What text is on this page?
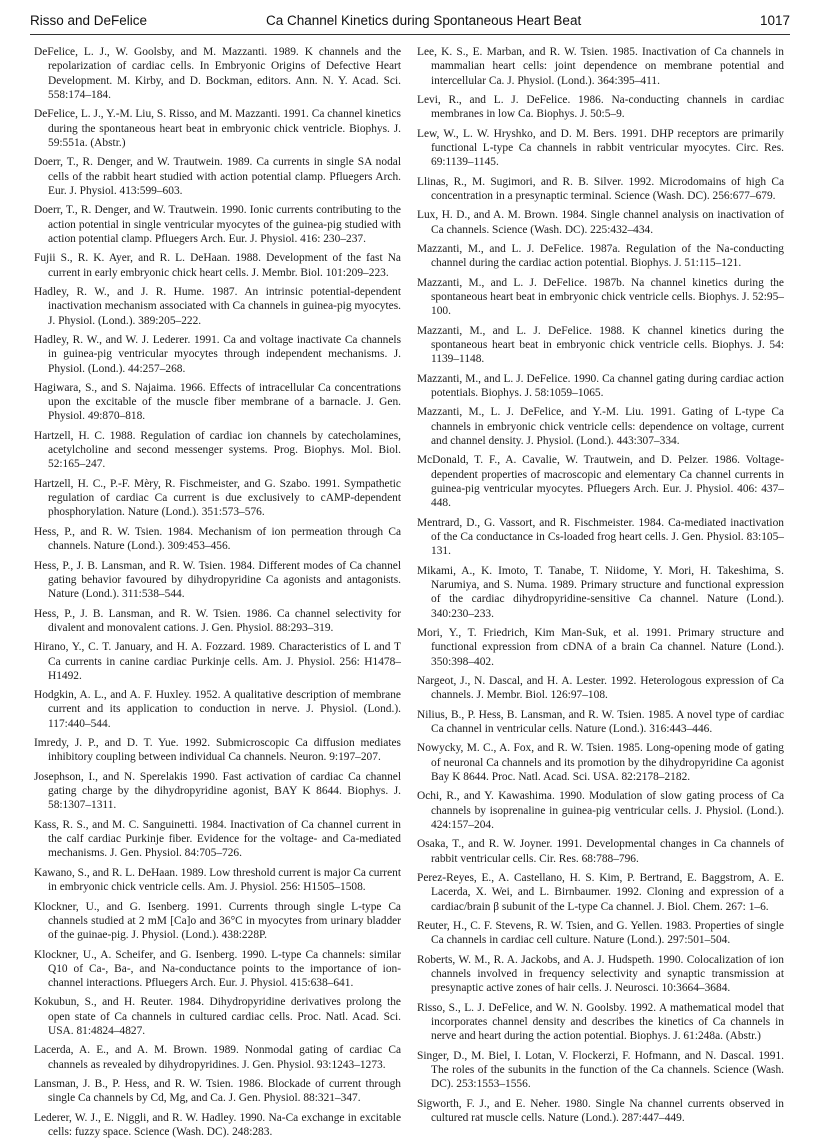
Risso and DeFelice	Ca Channel Kinetics during Spontaneous Heart Beat	1017

DeFelice, L. J., W. Goolsby, and M. Mazzanti. 1989. K channels and the repolarization of cardiac cells. In Embryonic Origins of Defective Heart Development. M. Kirby, and D. Bockman, editors. Ann. N. Y. Acad. Sci. 558:174–184.

DeFelice, L. J., Y.-M. Liu, S. Risso, and M. Mazzanti. 1991. Ca channel kinetics during the spontaneous heart beat in embryonic chick ventricle. Biophys. J. 59:551a. (Abstr.)

Doerr, T., R. Denger, and W. Trautwein. 1989. Ca currents in single SA nodal cells of the rabbit heart studied with action potential clamp. Pfluegers Arch. Eur. J. Physiol. 413:599–603.

Doerr, T., R. Denger, and W. Trautwein. 1990. Ionic currents contributing to the action potential in single ventricular myocytes of the guinea-pig studied with action potential clamp. Pfluegers Arch. Eur. J. Physiol. 416: 230–237.

Fujii S., R. K. Ayer, and R. L. DeHaan. 1988. Development of the fast Na current in early embryonic chick heart cells. J. Membr. Biol. 101:209–223.

Hadley, R. W., and J. R. Hume. 1987. An intrinsic potential-dependent inactivation mechanism associated with Ca channels in guinea-pig myocytes. J. Physiol. (Lond.). 389:205–222.

Hadley, R. W., and W. J. Lederer. 1991. Ca and voltage inactivate Ca channels in guinea-pig ventricular myocytes through independent mechanisms. J. Physiol. (Lond.). 44:257–268.

Hagiwara, S., and S. Najaima. 1966. Effects of intracellular Ca concentrations upon the excitable of the muscle fiber membrane of a barnacle. J. Gen. Physiol. 49:870–818.

Hartzell, H. C. 1988. Regulation of cardiac ion channels by catecholamines, acetylcholine and second messenger systems. Prog. Biophys. Mol. Biol. 52:165–247.

Hartzell, H. C., P.-F. Mèry, R. Fischmeister, and G. Szabo. 1991. Sympathetic regulation of cardiac Ca current is due exclusively to cAMP-dependent phosphorylation. Nature (Lond.). 351:573–576.

Hess, P., and R. W. Tsien. 1984. Mechanism of ion permeation through Ca channels. Nature (Lond.). 309:453–456.

Hess, P., J. B. Lansman, and R. W. Tsien. 1984. Different modes of Ca channel gating behavior favoured by dihydropyridine Ca agonists and antagonists. Nature (Lond.). 311:538–544.

Hess, P., J. B. Lansman, and R. W. Tsien. 1986. Ca channel selectivity for divalent and monovalent cations. J. Gen. Physiol. 88:293–319.

Hirano, Y., C. T. January, and H. A. Fozzard. 1989. Characteristics of L and T Ca currents in canine cardiac Purkinje cells. Am. J. Physiol. 256: H1478–H1492.

Hodgkin, A. L., and A. F. Huxley. 1952. A qualitative description of membrane current and its application to conduction in nerve. J. Physiol. (Lond.). 117:440–544.

Imredy, J. P., and D. T. Yue. 1992. Submicroscopic Ca diffusion mediates inhibitory coupling between individual Ca channels. Neuron. 9:197–207.

Josephson, I., and N. Sperelakis 1990. Fast activation of cardiac Ca channel gating charge by the dihydropyridine agonist, BAY K 8644. Biophys. J. 58:1307–1311.

Kass, R. S., and M. C. Sanguinetti. 1984. Inactivation of Ca channel current in the calf cardiac Purkinje fiber. Evidence for the voltage- and Ca-mediated mechanisms. J. Gen. Physiol. 84:705–726.

Kawano, S., and R. L. DeHaan. 1989. Low threshold current is major Ca current in embryonic chick ventricle cells. Am. J. Physiol. 256: H1505–1508.

Klockner, U., and G. Isenberg. 1991. Currents through single L-type Ca channels studied at 2 mM [Ca]o and 36°C in myocytes from urinary bladder of the guinae-pig. J. Physiol. (Lond.). 438:228P.

Klockner, U., A. Scheifer, and G. Isenberg. 1990. L-type Ca channels: similar Q10 of Ca-, Ba-, and Na-conductance points to the importance of ion-channel interactions. Pfluegers Arch. Eur. J. Physiol. 415:638–641.

Kokubun, S., and H. Reuter. 1984. Dihydropyridine derivatives prolong the open state of Ca channels in cultured cardiac cells. Proc. Natl. Acad. Sci. USA. 81:4824–4827.

Lacerda, A. E., and A. M. Brown. 1989. Nonmodal gating of cardiac Ca channels as revealed by dihydropyridines. J. Gen. Physiol. 93:1243–1273.

Lansman, J. B., P. Hess, and R. W. Tsien. 1986. Blockade of current through single Ca channels by Cd, Mg, and Ca. J. Gen. Physiol. 88:321–347.

Lederer, W. J., E. Niggli, and R. W. Hadley. 1990. Na-Ca exchange in excitable cells: fuzzy space. Science (Wash. DC). 248:283.

Lee, K. S., E. Marban, and R. W. Tsien. 1985. Inactivation of Ca channels in mammalian heart cells: joint dependence on membrane potential and intercellular Ca. J. Physiol. (Lond.). 364:395–411.

Levi, R., and L. J. DeFelice. 1986. Na-conducting channels in cardiac membranes in low Ca. Biophys. J. 50:5–9.

Lew, W., L. W. Hryshko, and D. M. Bers. 1991. DHP receptors are primarily functional L-type Ca channels in rabbit ventricular myocytes. Circ. Res. 69:1139–1145.

Llinas, R., M. Sugimori, and R. B. Silver. 1992. Microdomains of high Ca concentration in a presynaptic terminal. Science (Wash. DC). 256:677–679.

Lux, H. D., and A. M. Brown. 1984. Single channel analysis on inactivation of Ca channels. Science (Wash. DC). 225:432–434.

Mazzanti, M., and L. J. DeFelice. 1987a. Regulation of the Na-conducting channel during the cardiac action potential. Biophys. J. 51:115–121.

Mazzanti, M., and L. J. DeFelice. 1987b. Na channel kinetics during the spontaneous heart beat in embryonic chick ventricle cells. Biophys. J. 52:95–100.

Mazzanti, M., and L. J. DeFelice. 1988. K channel kinetics during the spontaneous heart beat in embryonic chick ventricle cells. Biophys. J. 54: 1139–1148.

Mazzanti, M., and L. J. DeFelice. 1990. Ca channel gating during cardiac action potentials. Biophys. J. 58:1059–1065.

Mazzanti, M., L. J. DeFelice, and Y.-M. Liu. 1991. Gating of L-type Ca channels in embryonic chick ventricle cells: dependence on voltage, current and channel density. J. Physiol. (Lond.). 443:307–334.

McDonald, T. F., A. Cavalie, W. Trautwein, and D. Pelzer. 1986. Voltage-dependent properties of macroscopic and elementary Ca channel currents in guinea-pig ventricular myocytes. Pfluegers Arch. Eur. J. Physiol. 406: 437–448.

Mentrard, D., G. Vassort, and R. Fischmeister. 1984. Ca-mediated inactivation of the Ca conductance in Cs-loaded frog heart cells. J. Gen. Physiol. 83:105–131.

Mikami, A., K. Imoto, T. Tanabe, T. Niidome, Y. Mori, H. Takeshima, S. Narumiya, and S. Numa. 1989. Primary structure and functional expression of the cardiac dihydropyridine-sensitive Ca channel. Nature (Lond.). 340:230–233.

Mori, Y., T. Friedrich, Kim Man-Suk, et al. 1991. Primary structure and functional expression from cDNA of a brain Ca channel. Nature (Lond.). 350:398–402.

Nargeot, J., N. Dascal, and H. A. Lester. 1992. Heterologous expression of Ca channels. J. Membr. Biol. 126:97–108.

Nilius, B., P. Hess, B. Lansman, and R. W. Tsien. 1985. A novel type of cardiac Ca channel in ventricular cells. Nature (Lond.). 316:443–446.

Nowycky, M. C., A. Fox, and R. W. Tsien. 1985. Long-opening mode of gating of neuronal Ca channels and its promotion by the dihydropyridine Ca agonist Bay K 8644. Proc. Natl. Acad. Sci. USA. 82:2178–2182.

Ochi, R., and Y. Kawashima. 1990. Modulation of slow gating process of Ca channels by isoprenaline in guinea-pig ventricular cells. J. Physiol. (Lond.). 424:157–204.

Osaka, T., and R. W. Joyner. 1991. Developmental changes in Ca channels of rabbit ventricular cells. Cir. Res. 68:788–796.

Perez-Reyes, E., A. Castellano, H. S. Kim, P. Bertrand, E. Baggstrom, A. E. Lacerda, X. Wei, and L. Birnbaumer. 1992. Cloning and expression of a cardiac/brain β subunit of the L-type Ca channel. J. Biol. Chem. 267: 1–6.

Reuter, H., C. F. Stevens, R. W. Tsien, and G. Yellen. 1983. Properties of single Ca channels in cardiac cell culture. Nature (Lond.). 297:501–504.

Roberts, W. M., R. A. Jackobs, and A. J. Hudspeth. 1990. Colocalization of ion channels involved in frequency selectivity and synaptic transmission at presynaptic active zones of hair cells. J. Neurosci. 10:3664–3684.

Risso, S., L. J. DeFelice, and W. N. Goolsby. 1992. A mathematical model that incorporates channel density and describes the kinetics of Ca channels in nerve and heart during the action potential. Biophys. J. 61:248a. (Abstr.)

Singer, D., M. Biel, I. Lotan, V. Flockerzi, F. Hofmann, and N. Dascal. 1991. The roles of the subunits in the function of the Ca channels. Science (Wash. DC). 253:1553–1556.

Sigworth, F. J., and E. Neher. 1980. Single Na channel currents observed in cultured rat muscle cells. Nature (Lond.). 287:447–449.
